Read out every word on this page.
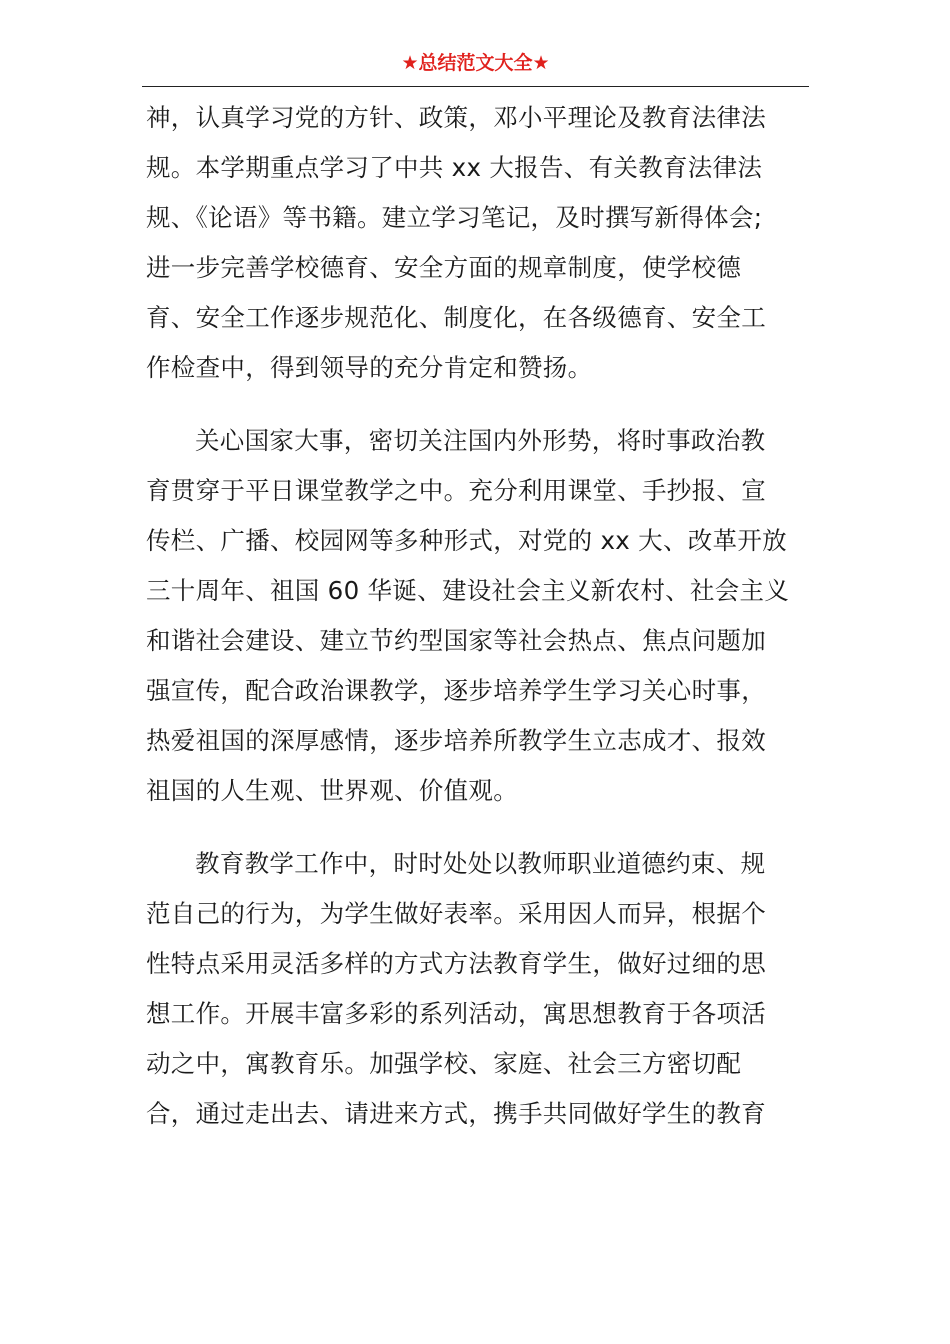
★总结范文大全★
神，认真学习党的方针、政策，邓小平理论及教育法律法
规。本学期重点学习了中共 xx 大报告、有关教育法律法
规、《论语》等书籍。建立学习笔记，及时撰写新得体会;
进一步完善学校德育、安全方面的规章制度，使学校德
育、安全工作逐步规范化、制度化，在各级德育、安全工
作检查中，得到领导的充分肯定和赞扬。
关心国家大事，密切关注国内外形势，将时事政治教
育贯穿于平日课堂教学之中。充分利用课堂、手抄报、宣
传栏、广播、校园网等多种形式，对党的 xx 大、改革开放
三十周年、祖国 60 华诞、建设社会主义新农村、社会主义
和谐社会建设、建立节约型国家等社会热点、焦点问题加
强宣传，配合政治课教学，逐步培养学生学习关心时事，
热爱祖国的深厚感情，逐步培养所教学生立志成才、报效
祖国的人生观、世界观、价值观。
教育教学工作中，时时处处以教师职业道德约束、规
范自己的行为，为学生做好表率。采用因人而异，根据个
性特点采用灵活多样的方式方法教育学生，做好过细的思
想工作。开展丰富多彩的系列活动，寓思想教育于各项活
动之中，寓教育乐。加强学校、家庭、社会三方密切配
合，通过走出去、请进来方式，携手共同做好学生的教育
